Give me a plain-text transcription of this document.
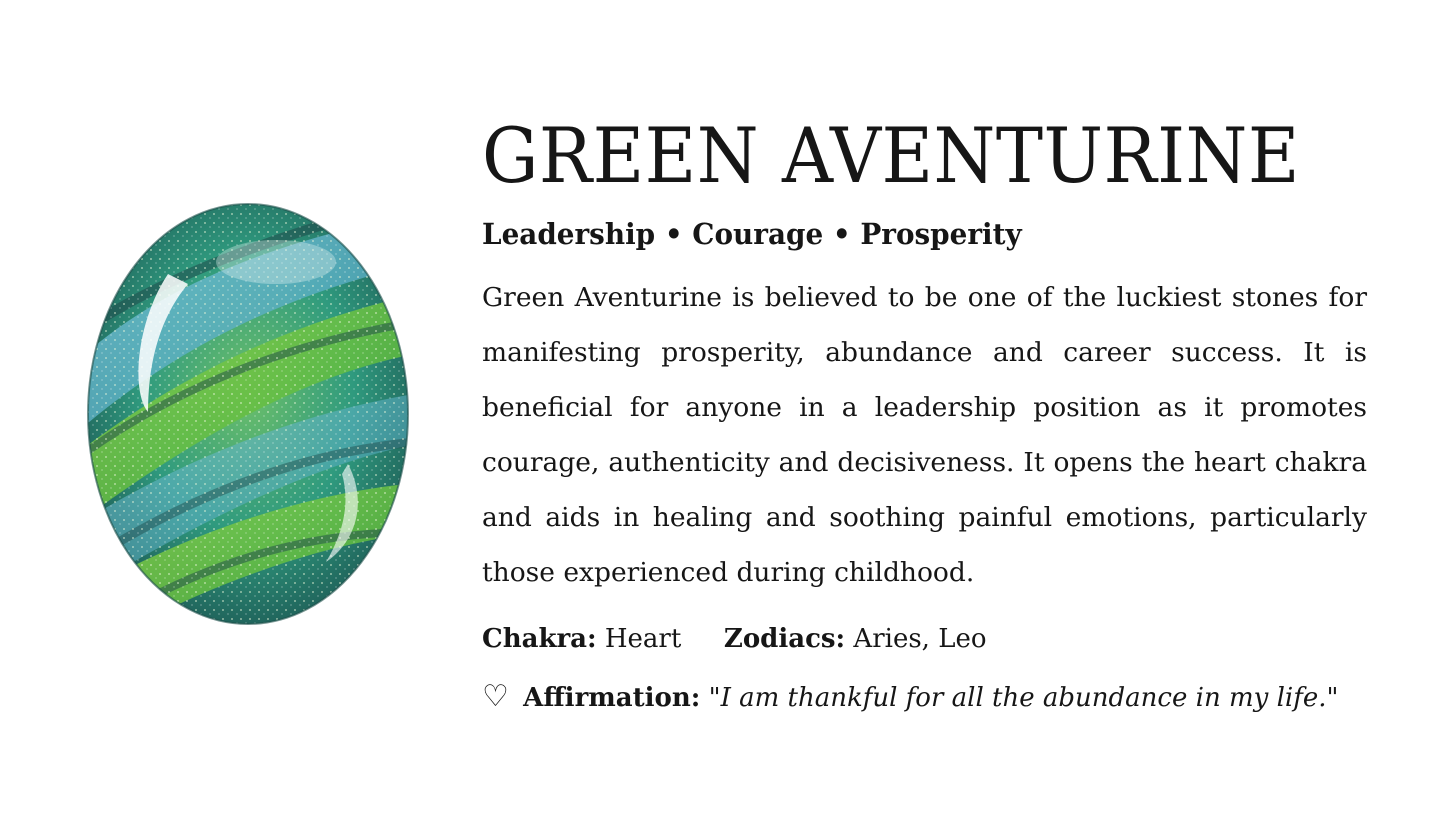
GREEN AVENTURINE
Leadership • Courage • Prosperity
Green Aventurine is believed to be one of the luckiest stones for manifesting prosperity, abundance and career success. It is beneficial for anyone in a leadership position as it promotes courage, authenticity and decisiveness. It opens the heart chakra and aids in healing and soothing painful emotions, particularly those experienced during childhood.
Chakra: Heart Zodiacs: Aries, Leo
♡ Affirmation: "I am thankful for all the abundance in my life."
